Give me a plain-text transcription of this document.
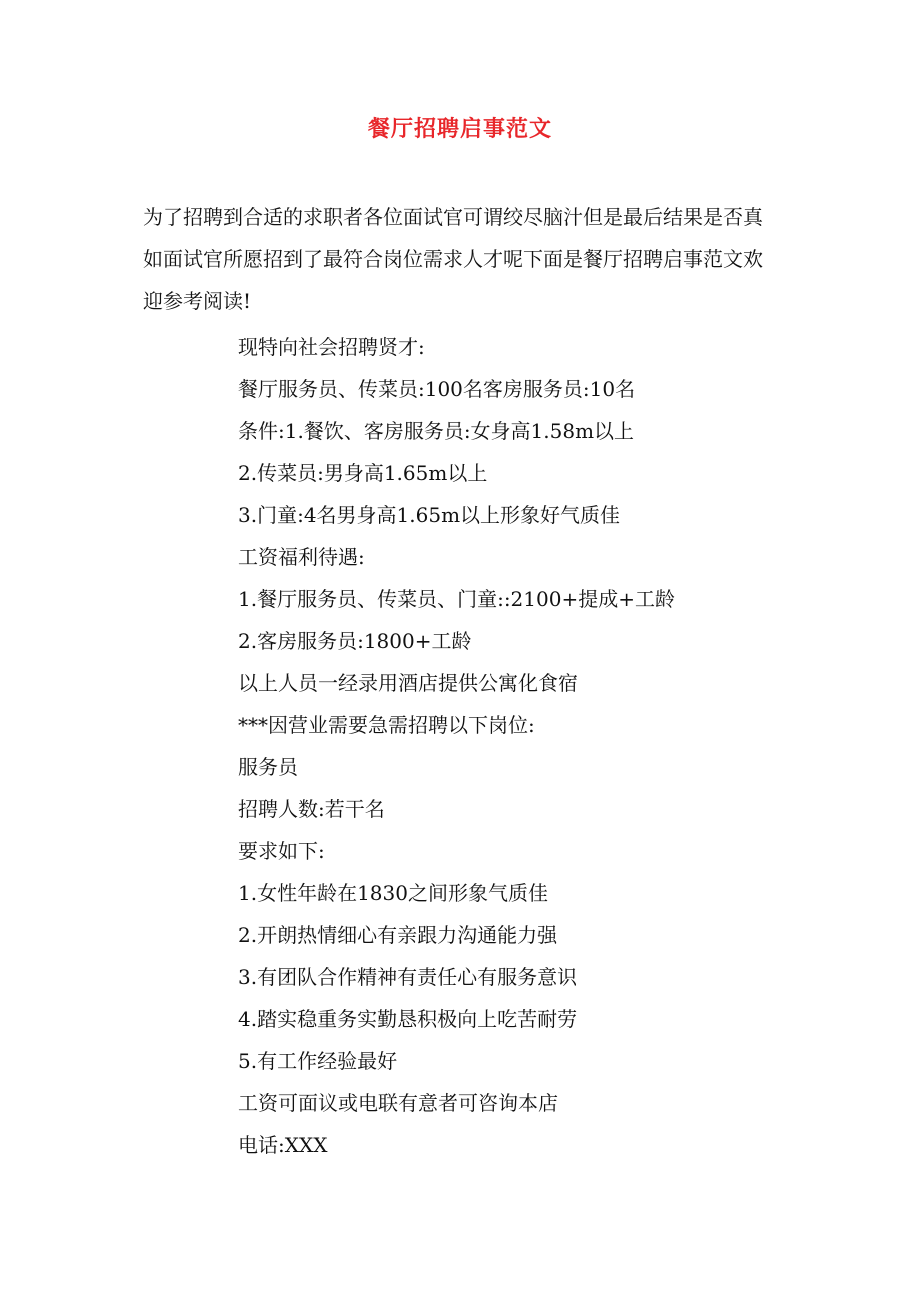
餐厅招聘启事范文

为了招聘到合适的求职者各位面试官可谓绞尽脑汁但是最后结果是否真如面试官所愿招到了最符合岗位需求人才呢下面是餐厅招聘启事范文欢迎参考阅读!

现特向社会招聘贤才:
餐厅服务员、传菜员:100名客房服务员:10名
条件:1.餐饮、客房服务员:女身高1.58m以上
2.传菜员:男身高1.65m以上
3.门童:4名男身高1.65m以上形象好气质佳
工资福利待遇:
1.餐厅服务员、传菜员、门童::2100+提成+工龄
2.客房服务员:1800+工龄
以上人员一经录用酒店提供公寓化食宿
***因营业需要急需招聘以下岗位:
服务员
招聘人数:若干名
要求如下:
1.女性年龄在1830之间形象气质佳
2.开朗热情细心有亲跟力沟通能力强
3.有团队合作精神有责任心有服务意识
4.踏实稳重务实勤恳积极向上吃苦耐劳
5.有工作经验最好
工资可面议或电联有意者可咨询本店
电话:XXX
